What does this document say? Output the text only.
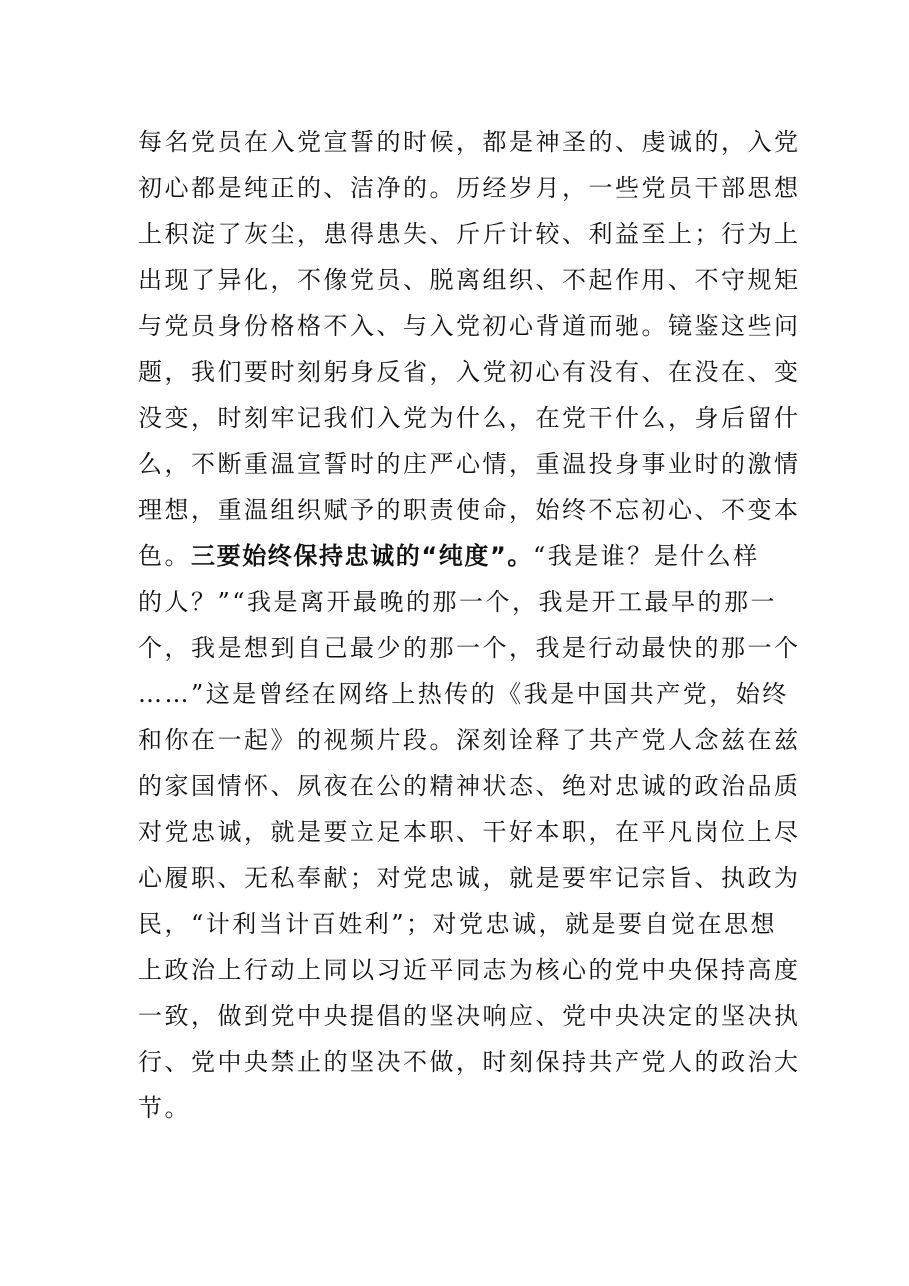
每名党员在入党宣誓的时候，都是神圣的、虔诚的，入党
初心都是纯正的、洁净的。历经岁月，一些党员干部思想
上积淀了灰尘，患得患失、斤斤计较、利益至上；行为上
出现了异化，不像党员、脱离组织、不起作用、不守规矩
与党员身份格格不入、与入党初心背道而驰。镜鉴这些问
题，我们要时刻躬身反省，入党初心有没有、在没在、变
没变，时刻牢记我们入党为什么，在党干什么，身后留什
么，不断重温宣誓时的庄严心情，重温投身事业时的激情
理想，重温组织赋予的职责使命，始终不忘初心、不变本
色。三要始终保持忠诚的“纯度”。“我是谁？是什么样
的人？”“我是离开最晚的那一个，我是开工最早的那一
个，我是想到自己最少的那一个，我是行动最快的那一个
……”这是曾经在网络上热传的《我是中国共产党，始终
和你在一起》的视频片段。深刻诠释了共产党人念兹在兹
的家国情怀、夙夜在公的精神状态、绝对忠诚的政治品质
对党忠诚，就是要立足本职、干好本职，在平凡岗位上尽
心履职、无私奉献；对党忠诚，就是要牢记宗旨、执政为
民，“计利当计百姓利”；对党忠诚，就是要自觉在思想
上政治上行动上同以习近平同志为核心的党中央保持高度
一致，做到党中央提倡的坚决响应、党中央决定的坚决执
行、党中央禁止的坚决不做，时刻保持共产党人的政治大
节。
